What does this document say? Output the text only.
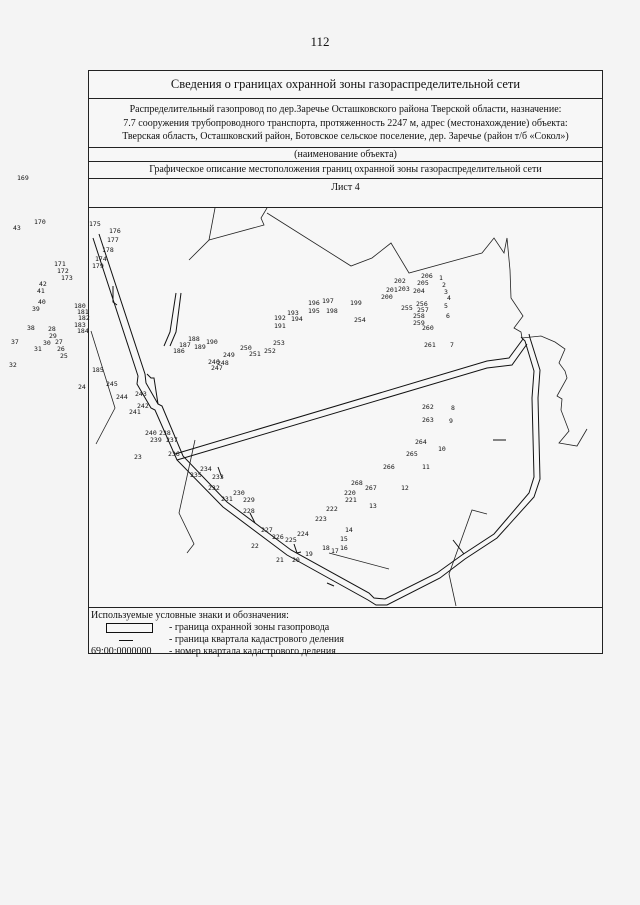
112
Сведения о границах охранной зоны газораспределительной сети
Распределительный газопровод по дер.Заречье Осташковского района Тверской области, назначение:
7.7 сооружения трубопроводного транспорта, протяженность 2247 м, адрес (местонахождение) объекта:
Тверская область, Осташковский район, Ботовское сельское поселение, дер. Заречье (район т/б «Сокол»)
(наименование объекта)
Графическое описание местоположения границ охранной зоны газораспределительной сети
Лист 4
169
43
170	175
176
177
178
174
179
171
172
173
42
41
40
39	180
181
182
183
184
38 28
29
37	30 27
31 26
25
32
185
24	245
244 243
242
241
240 238
239 237
23	236
234
235 233
232
230
231 229
228
227
226 225
22
224
21 20
19
18 17 16
15
14
223
222
221
220
13
268
267	12
266	11
265
264
10
263 9
262	8
261 7
260
259
258	6
257
256	5
255
4
3
2
1
206
205
204
203
202
201
200
199
254
197
196
198
195
193
194
192
191
253
250
251 252
190
188
187 189
186	249
246
248
247
Используемые условные знаки и обозначения:
- граница охранной зоны газопровода
- граница квартала кадастрового деления
69:00:0000000 - номер квартала кадастрового деления
